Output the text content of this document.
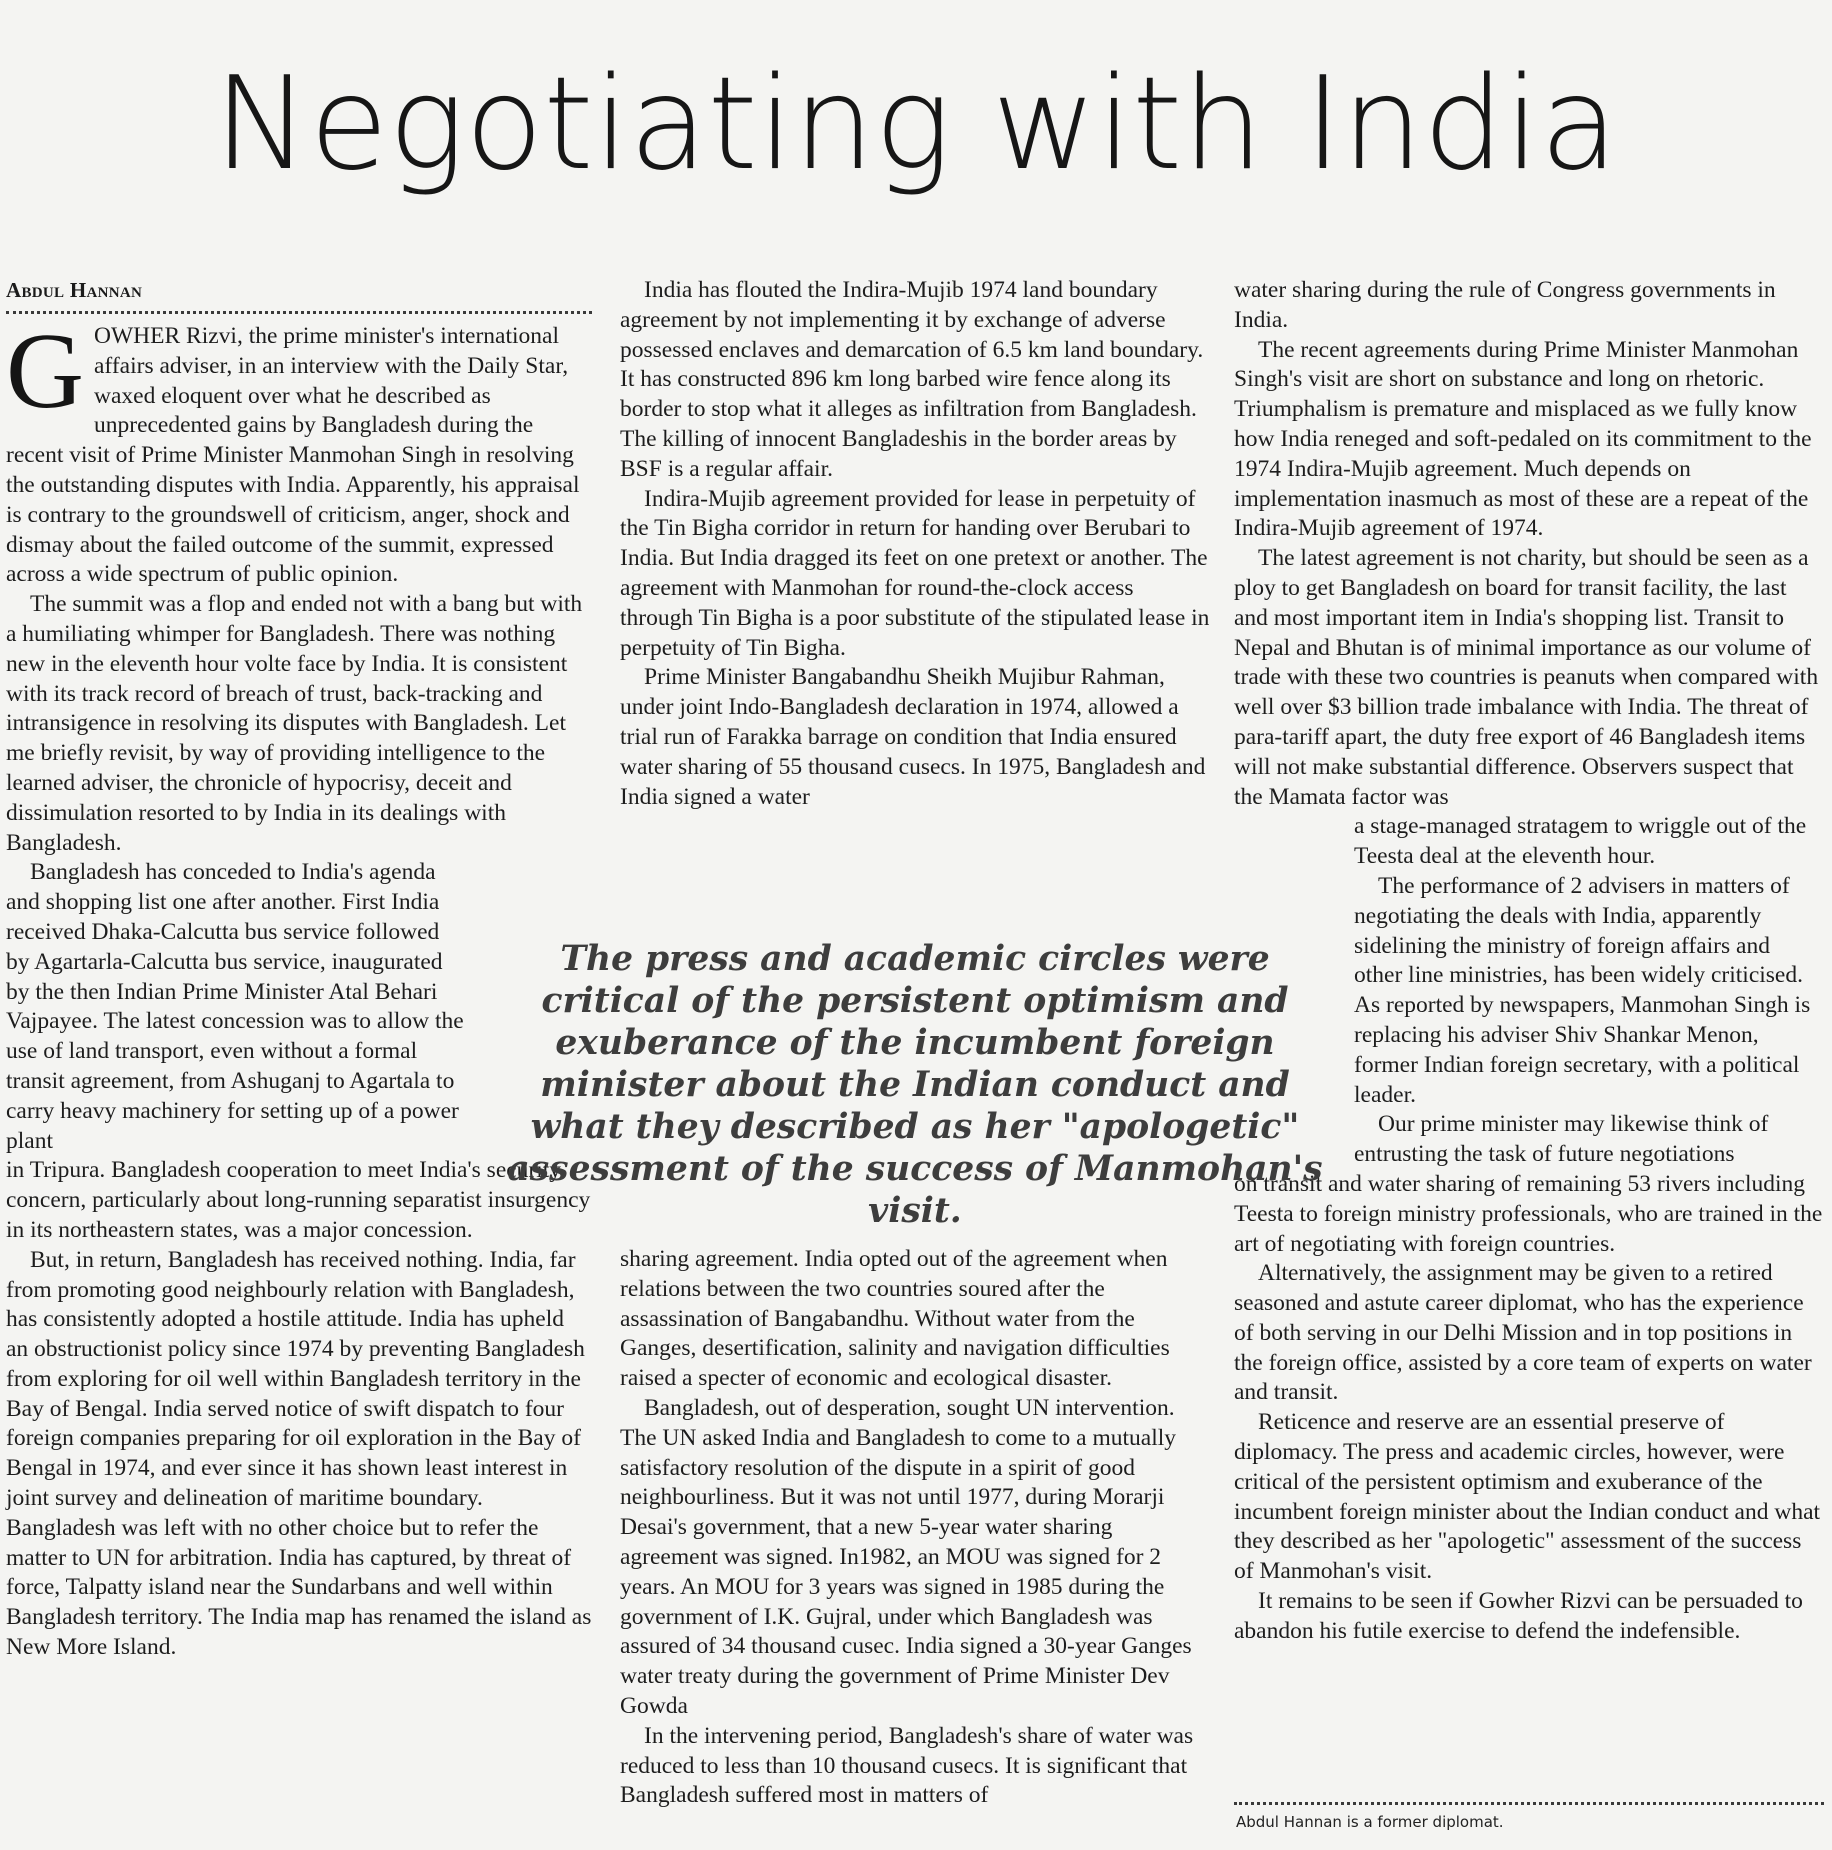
Negotiating with India
Abdul Hannan

GOWHER Rizvi, the prime minister's international affairs adviser, in an interview with the Daily Star, waxed eloquent over what he described as unprecedented gains by Bangladesh during the recent visit of Prime Minister Manmohan Singh in resolving the outstanding disputes with India. Apparently, his appraisal is contrary to the groundswell of criticism, anger, shock and dismay about the failed outcome of the summit, expressed across a wide spectrum of public opinion.

The summit was a flop and ended not with a bang but with a humiliating whimper for Bangladesh. There was nothing new in the eleventh hour volte face by India. It is consistent with its track record of breach of trust, back-tracking and intransigence in resolving its disputes with Bangladesh. Let me briefly revisit, by way of providing intelligence to the learned adviser, the chronicle of hypocrisy, deceit and dissimulation resorted to by India in its dealings with Bangladesh.

Bangladesh has conceded to India's agenda and shopping list one after another. First India received Dhaka-Calcutta bus service followed by Agartarla-Calcutta bus service, inaugurated by the then Indian Prime Minister Atal Behari Vajpayee. The latest concession was to allow the use of land transport, even without a formal transit agreement, from Ashuganj to Agartala to carry heavy machinery for setting up of a power plant

in Tripura. Bangladesh cooperation to meet India's security concern, particularly about long-running separatist insurgency in its northeastern states, was a major concession.

But, in return, Bangladesh has received nothing. India, far from promoting good neighbourly relation with Bangladesh, has consistently adopted a hostile attitude. India has upheld an obstructionist policy since 1974 by preventing Bangladesh from exploring for oil well within Bangladesh territory in the Bay of Bengal. India served notice of swift dispatch to four foreign companies preparing for oil exploration in the Bay of Bengal in 1974, and ever since it has shown least interest in joint survey and delineation of maritime boundary. Bangladesh was left with no other choice but to refer the matter to UN for arbitration. India has captured, by threat of force, Talpatty island near the Sundarbans and well within Bangladesh territory. The India map has renamed the island as New More Island.

India has flouted the Indira-Mujib 1974 land boundary agreement by not implementing it by exchange of adverse possessed enclaves and demarcation of 6.5 km land boundary. It has constructed 896 km long barbed wire fence along its border to stop what it alleges as infiltration from Bangladesh. The killing of innocent Bangladeshis in the border areas by BSF is a regular affair.

Indira-Mujib agreement provided for lease in perpetuity of the Tin Bigha corridor in return for handing over Berubari to India. But India dragged its feet on one pretext or another. The agreement with Manmohan for round-the-clock access through Tin Bigha is a poor substitute of the stipulated lease in perpetuity of Tin Bigha.

Prime Minister Bangabandhu Sheikh Mujibur Rahman, under joint Indo-Bangladesh declaration in 1974, allowed a trial run of Farakka barrage on condition that India ensured water sharing of 55 thousand cusecs. In 1975, Bangladesh and India signed a water

The press and academic circles were critical of the persistent optimism and exuberance of the incumbent foreign minister about the Indian conduct and what they described as her "apologetic" assessment of the success of Manmohan's visit.

sharing agreement. India opted out of the agreement when relations between the two countries soured after the assassination of Bangabandhu. Without water from the Ganges, desertification, salinity and navigation difficulties raised a specter of economic and ecological disaster.

Bangladesh, out of desperation, sought UN intervention. The UN asked India and Bangladesh to come to a mutually satisfactory resolution of the dispute in a spirit of good neighbourliness. But it was not until 1977, during Morarji Desai's government, that a new 5-year water sharing agreement was signed. In1982, an MOU was signed for 2 years. An MOU for 3 years was signed in 1985 during the government of I.K. Gujral, under which Bangladesh was assured of 34 thousand cusec. India signed a 30-year Ganges water treaty during the government of Prime Minister Dev Gowda

In the intervening period, Bangladesh's share of water was reduced to less than 10 thousand cusecs. It is significant that Bangladesh suffered most in matters of

water sharing during the rule of Congress governments in India.

The recent agreements during Prime Minister Manmohan Singh's visit are short on substance and long on rhetoric. Triumphalism is premature and misplaced as we fully know how India reneged and soft-pedaled on its commitment to the 1974 Indira-Mujib agreement. Much depends on implementation inasmuch as most of these are a repeat of the Indira-Mujib agreement of 1974.

The latest agreement is not charity, but should be seen as a ploy to get Bangladesh on board for transit facility, the last and most important item in India's shopping list. Transit to Nepal and Bhutan is of minimal importance as our volume of trade with these two countries is peanuts when compared with well over $3 billion trade imbalance with India. The threat of para-tariff apart, the duty free export of 46 Bangladesh items will not make substantial difference. Observers suspect that the Mamata factor was

a stage-managed stratagem to wriggle out of the Teesta deal at the eleventh hour.

The performance of 2 advisers in matters of negotiating the deals with India, apparently sidelining the ministry of foreign affairs and other line ministries, has been widely criticised. As reported by newspapers, Manmohan Singh is replacing his adviser Shiv Shankar Menon, former Indian foreign secretary, with a political leader.

Our prime minister may likewise think of entrusting the task of future negotiations

on transit and water sharing of remaining 53 rivers including Teesta to foreign ministry professionals, who are trained in the art of negotiating with foreign countries.

Alternatively, the assignment may be given to a retired seasoned and astute career diplomat, who has the experience of both serving in our Delhi Mission and in top positions in the foreign office, assisted by a core team of experts on water and transit.

Reticence and reserve are an essential preserve of diplomacy. The press and academic circles, however, were critical of the persistent optimism and exuberance of the incumbent foreign minister about the Indian conduct and what they described as her "apologetic" assessment of the success of Manmohan's visit.

It remains to be seen if Gowher Rizvi can be persuaded to abandon his futile exercise to defend the indefensible.

Abdul Hannan is a former diplomat.
